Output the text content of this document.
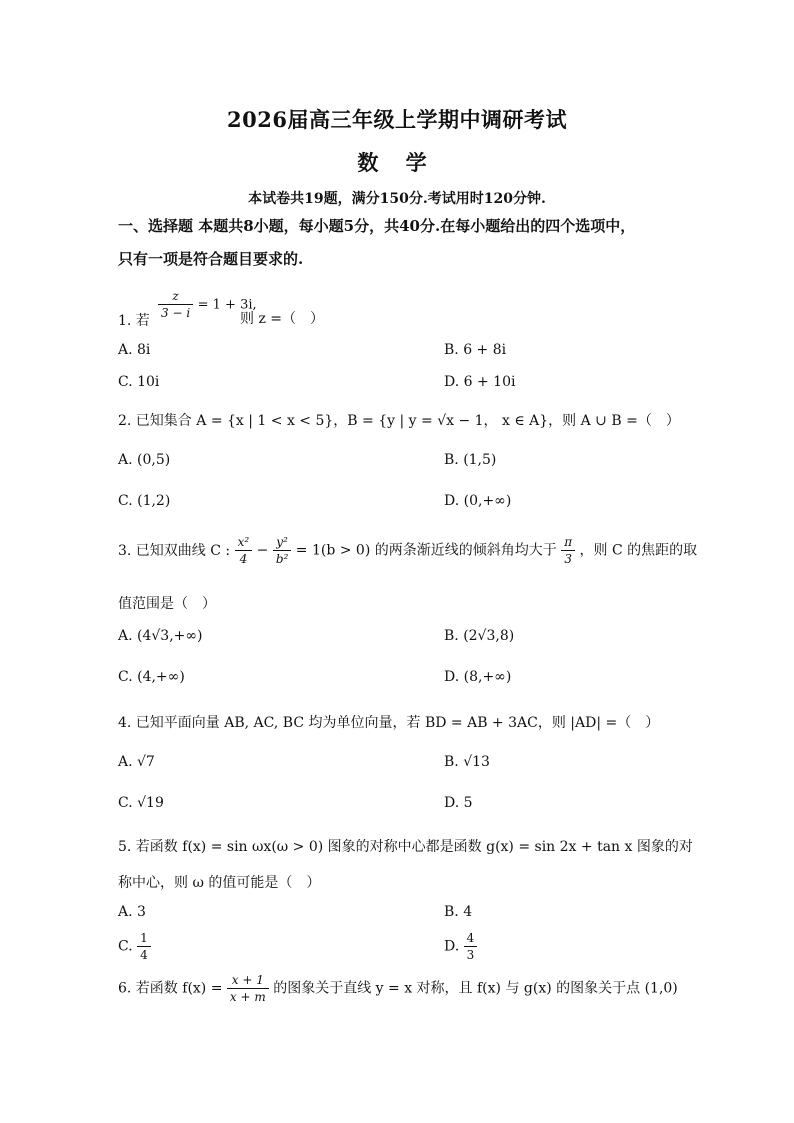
2026届高三年级上学期中调研考试
数 学
本试卷共19题，满分150分.考试用时120分钟.
一、选择题 本题共8小题，每小题5分，共40分.在每小题给出的四个选项中，
只有一项是符合题目要求的.
1. 若 $\frac{z}{3 - i} = 1 + 3i$,
则 z =（　）
A. 8i	B. 6 + 8i
C. 10i	D. 6 + 10i
2. 已知集合 A = {x | 1 < x < 5}，B = {y | y = √x − 1， x ∈ A}，则 A ∪ B =（　）
A. (0,5)	B. (1,5)
C. (1,2)	D. (0,+∞)
3. 已知双曲线 C : $\frac{\text{x²}}{4} - \frac{\text{y²}}{\text{b²}} = 1(b > 0)$ 的两条渐近线的倾斜角均大于 $\frac{\pi}{3}$ ，则 C 的焦距的取
值范围是（　）
A. (4√3,+∞)	B. (2√3,8)
C. (4,+∞)	D. (8,+∞)
4. 已知平面向量 AB, AC, BC 均为单位向量，若 BD = AB + 3AC，则 |AD| =（　）
A. √7	B. √13
C. √19	D. 5
5. 若函数 f(x) = sin ωx(ω > 0) 图象的对称中心都是函数 g(x) = sin 2x + tan x 图象的对
称中心，则 ω 的值可能是（　）
A. 3	B. 4
C. $\frac{1}{4}$	D. $\frac{4}{3}$
6. 若函数 $f(x) = \frac{x + 1}{x + m}$ 的图象关于直线 y = x 对称，且 f(x) 与 g(x) 的图象关于点 (1,0)
